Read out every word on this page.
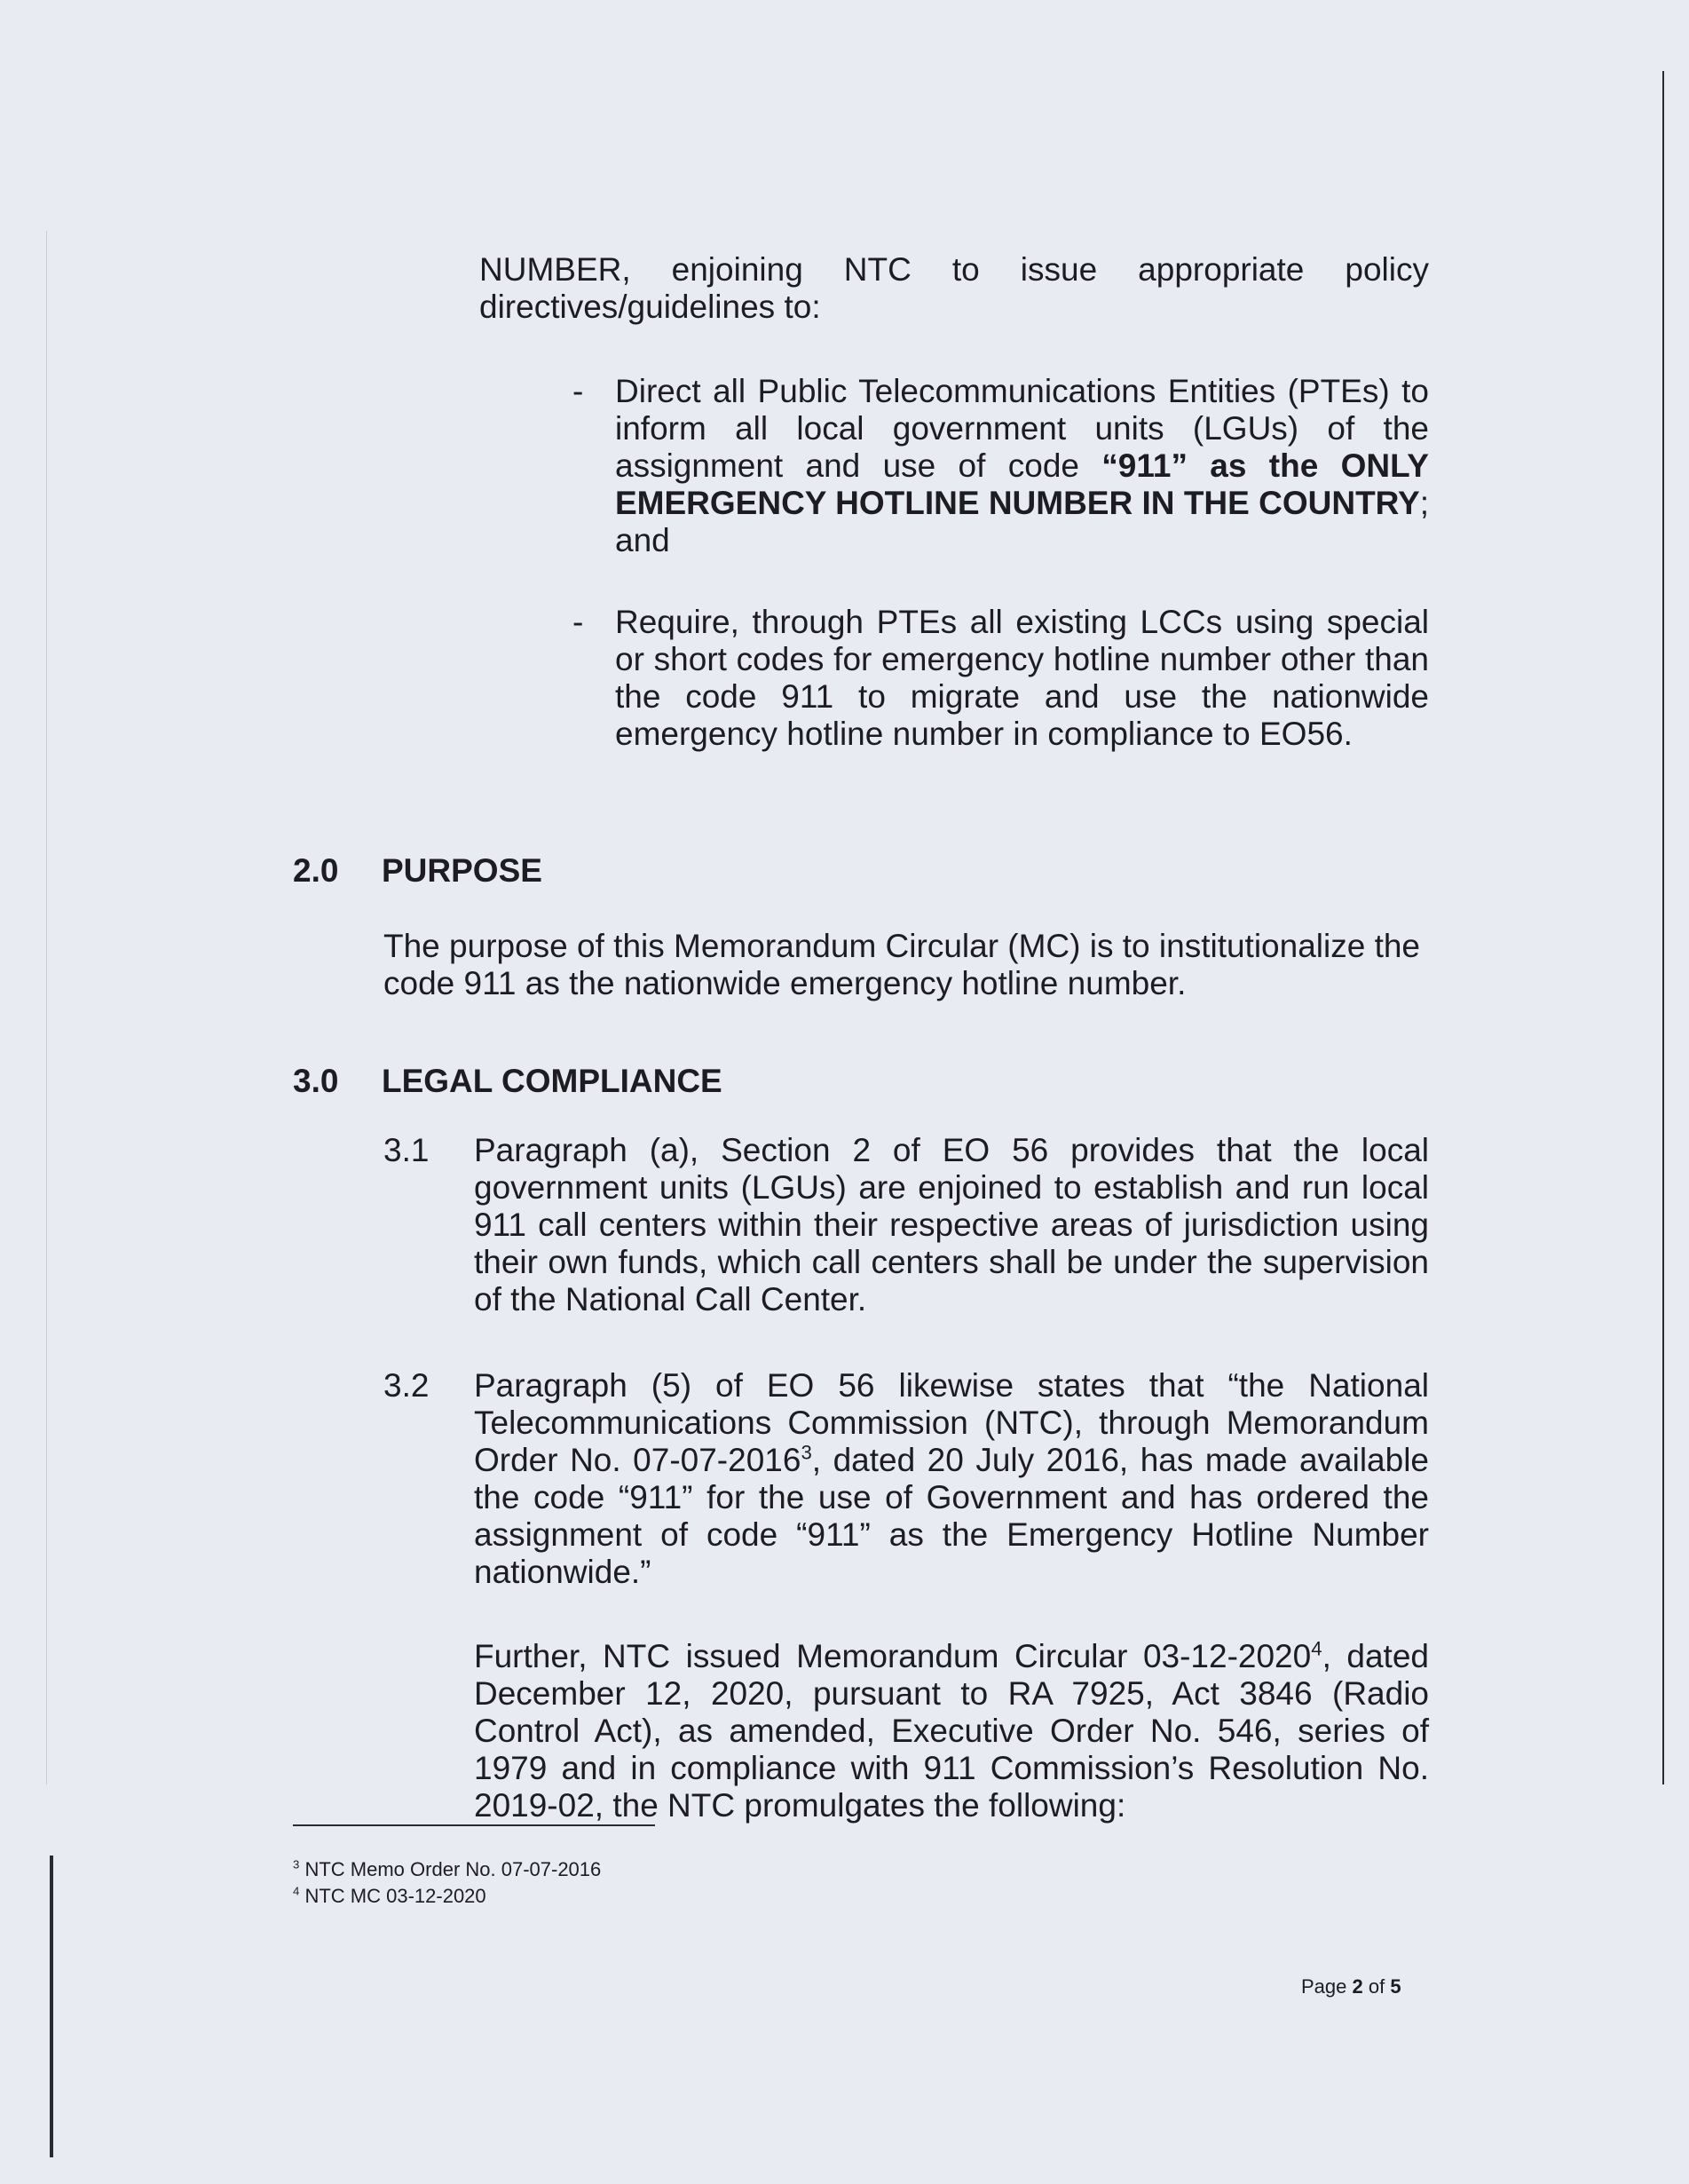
NUMBER, enjoining NTC to issue appropriate policy directives/guidelines to:

- Direct all Public Telecommunications Entities (PTEs) to inform all local government units (LGUs) of the assignment and use of code “911” as the ONLY EMERGENCY HOTLINE NUMBER IN THE COUNTRY; and
- Require, through PTEs all existing LCCs using special or short codes for emergency hotline number other than the code 911 to migrate and use the nationwide emergency hotline number in compliance to EO56.
2.0 PURPOSE

The purpose of this Memorandum Circular (MC) is to institutionalize the code 911 as the nationwide emergency hotline number.

3.0 LEGAL COMPLIANCE
3.1 Paragraph (a), Section 2 of EO 56 provides that the local government units (LGUs) are enjoined to establish and run local 911 call centers within their respective areas of jurisdiction using their own funds, which call centers shall be under the supervision of the National Call Center.
3.2 Paragraph (5) of EO 56 likewise states that “the National Telecommunications Commission (NTC), through Memorandum Order No. 07-07-2016$^3$, dated 20 July 2016, has made available the code “911” for the use of Government and has ordered the assignment of code “911” as the Emergency Hotline Number nationwide.”

Further, NTC issued Memorandum Circular 03-12-2020$^4$, dated December 12, 2020, pursuant to RA 7925, Act 3846 (Radio Control Act), as amended, Executive Order No. 546, series of 1979 and in compliance with 911 Commission’s Resolution No. 2019-02, the NTC promulgates the following:

$^3$ NTC Memo Order No. 07-07-2016
$^4$ NTC MC 03-12-2020
Page 2 of 5
